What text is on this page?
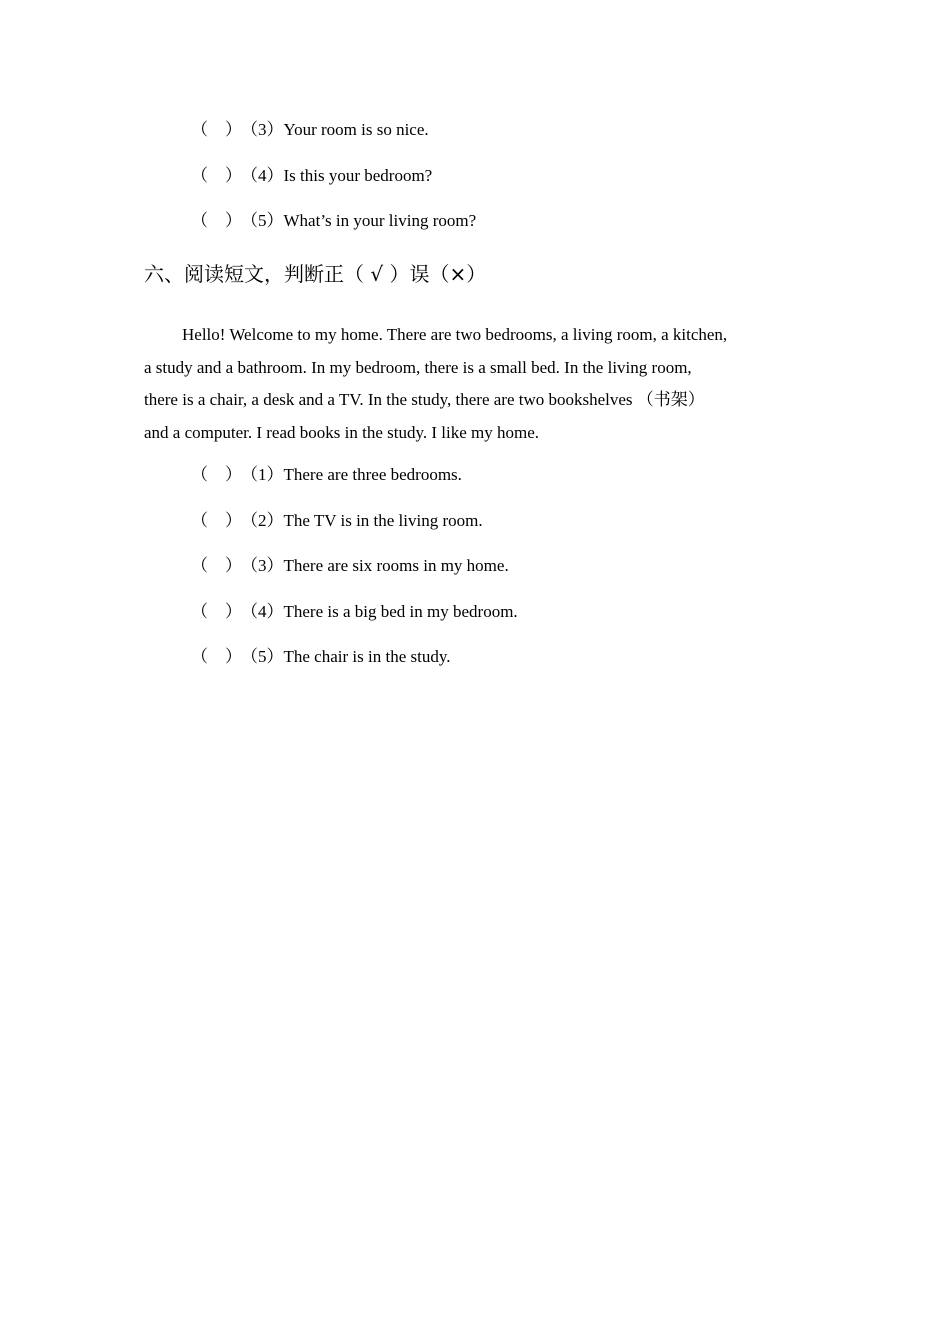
（　）（3）Your room is so nice.
（　）（4）Is this your bedroom?
（　）（5）What’s in your living room?
六、阅读短文，判断正（ √ ）误（×）
Hello! Welcome to my home. There are two bedrooms, a living room, a kitchen,
a study and a bathroom. In my bedroom, there is a small bed. In the living room,
there is a chair, a desk and a TV. In the study, there are two bookshelves （书架）
and a computer. I read books in the study. I like my home.
（　）（1）There are three bedrooms.
（　）（2）The TV is in the living room.
（　）（3）There are six rooms in my home.
（　）（4）There is a big bed in my bedroom.
（　）（5）The chair is in the study.
